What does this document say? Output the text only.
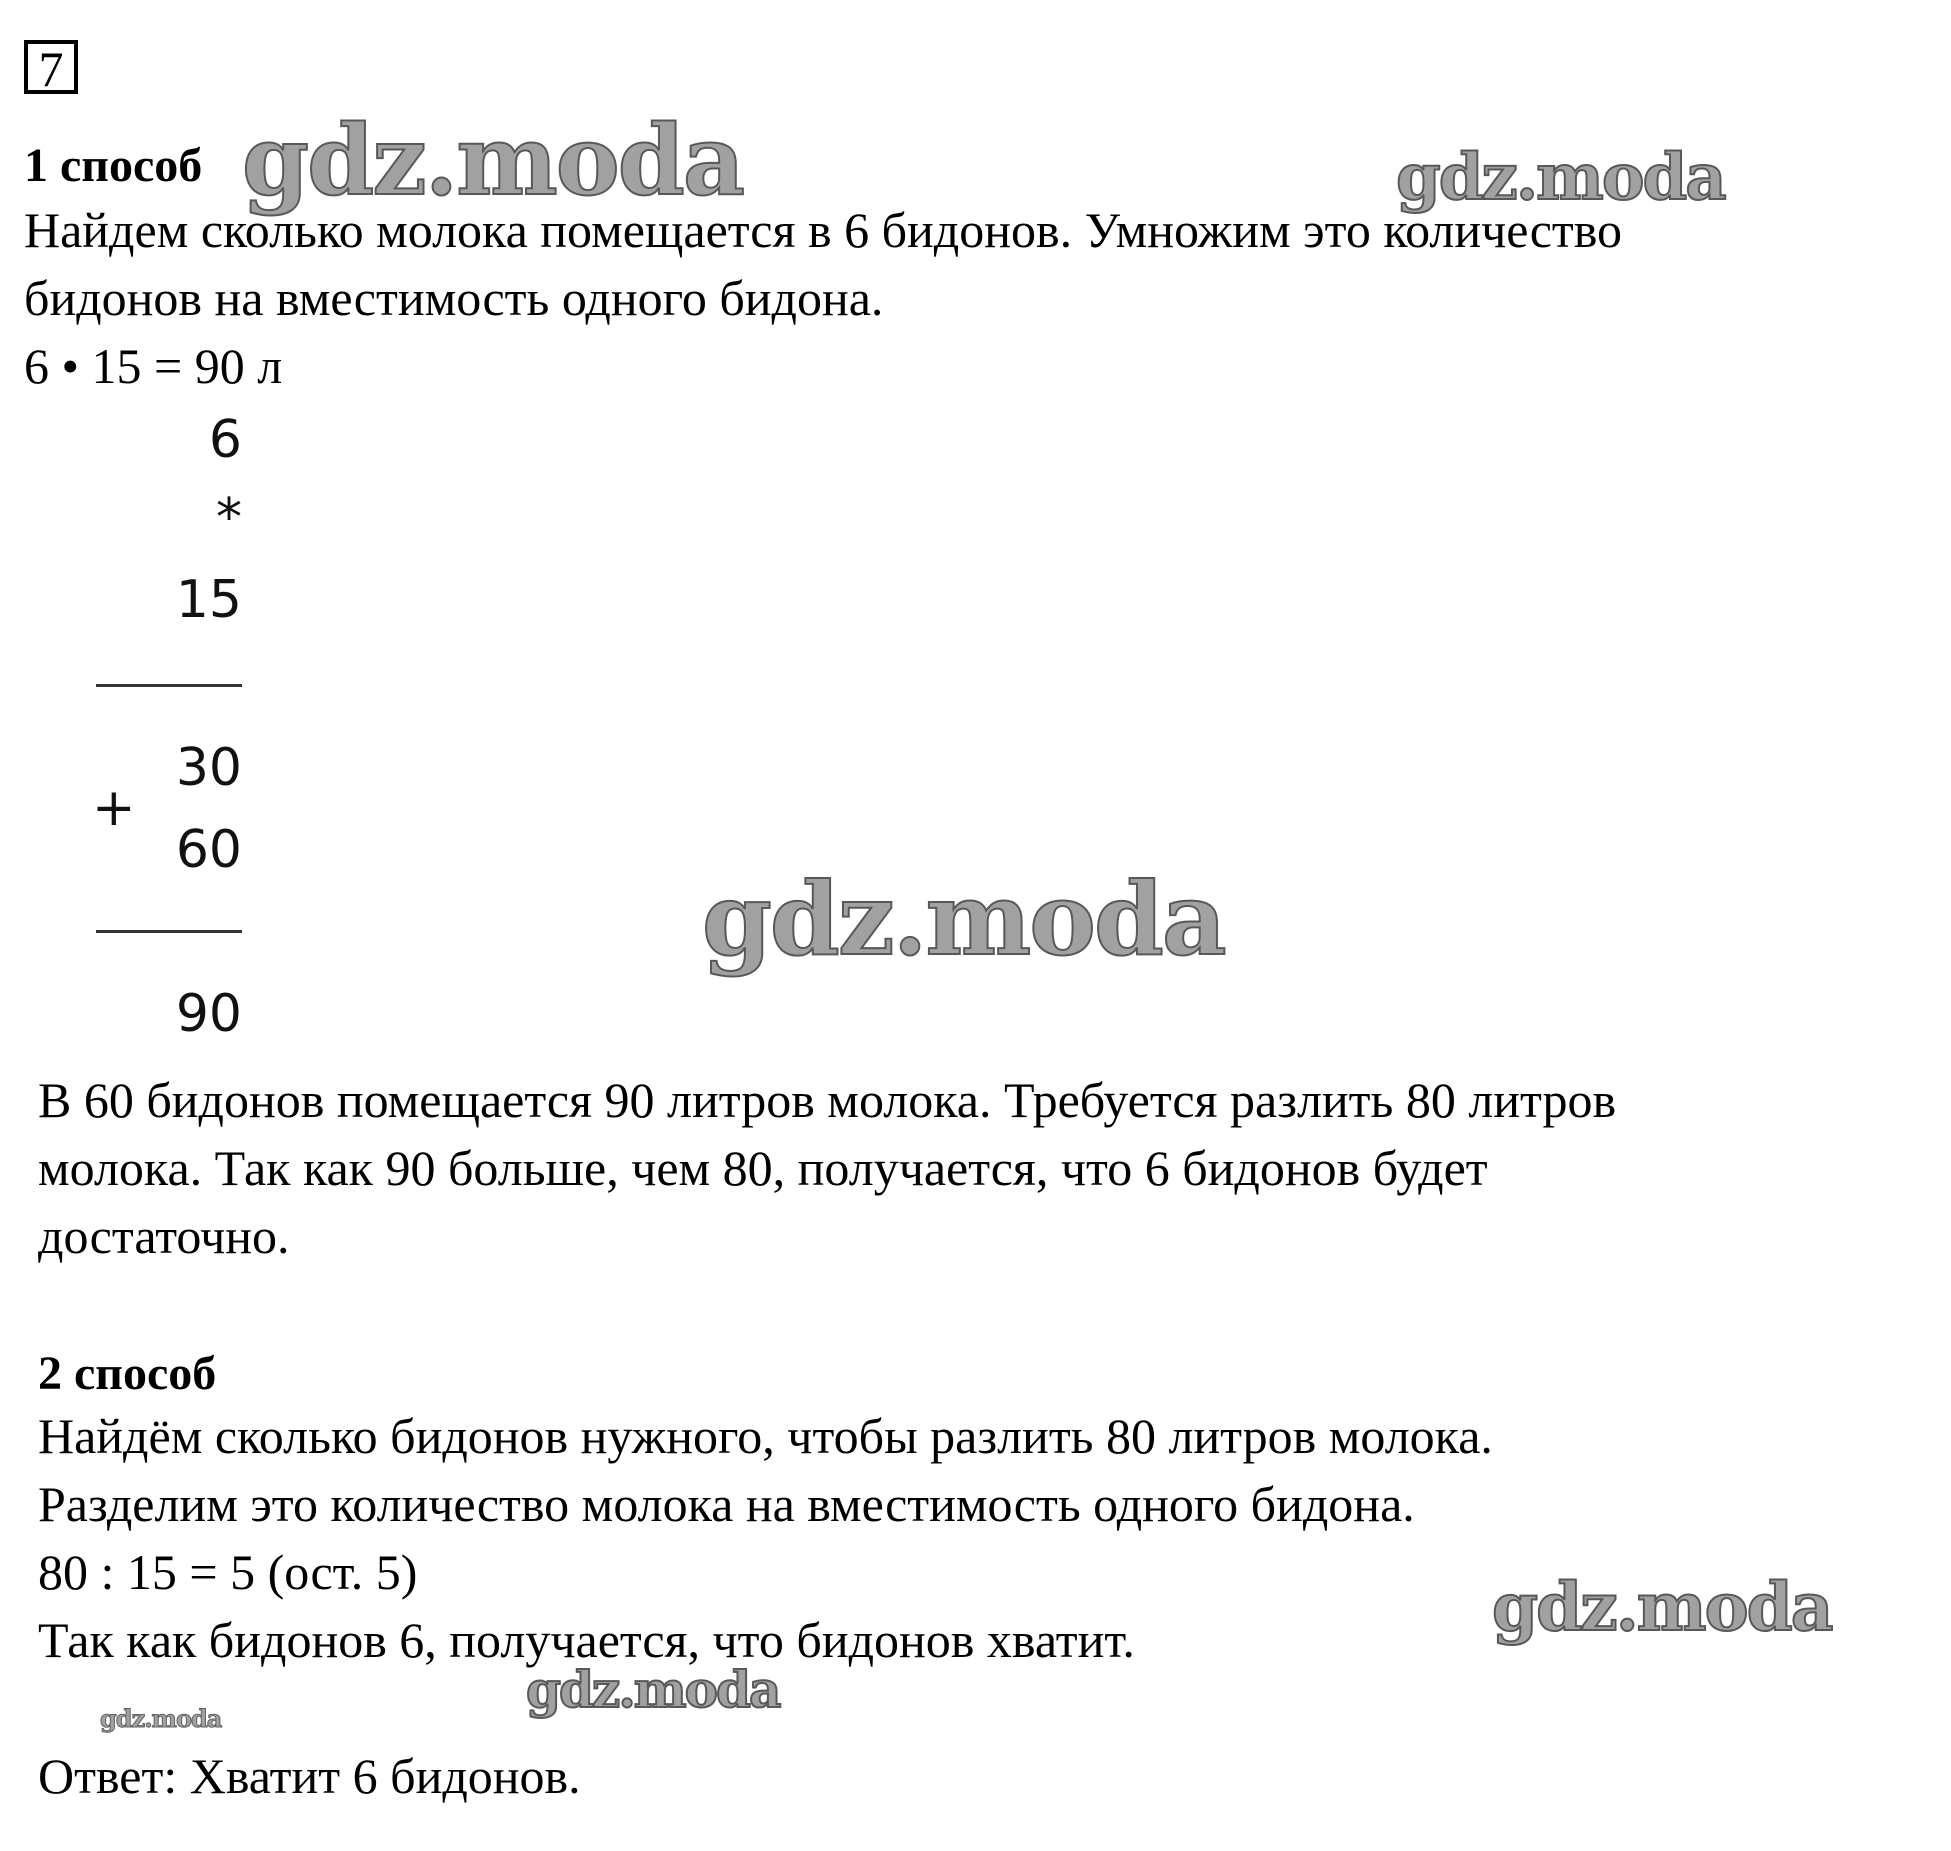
7
1 способ
Найдем сколько молока помещается в 6 бидонов. Умножим это количество
бидонов на вместимость одного бидона.
6 • 15 = 90 л
6
*
15
+
30
60
90
В 60 бидонов помещается 90 литров молока. Требуется разлить 80 литров
молока. Так как 90 больше, чем 80, получается, что 6 бидонов будет
достаточно.
2 способ
Найдём сколько бидонов нужного, чтобы разлить 80 литров молока.
Разделим это количество молока на вместимость одного бидона.
80 : 15 = 5 (ост. 5)
Так как бидонов 6, получается, что бидонов хватит.
Ответ: Хватит 6 бидонов.
gdz.moda	gdz.moda
gdz.moda
gdz.moda
gdz.moda
gdz.moda
